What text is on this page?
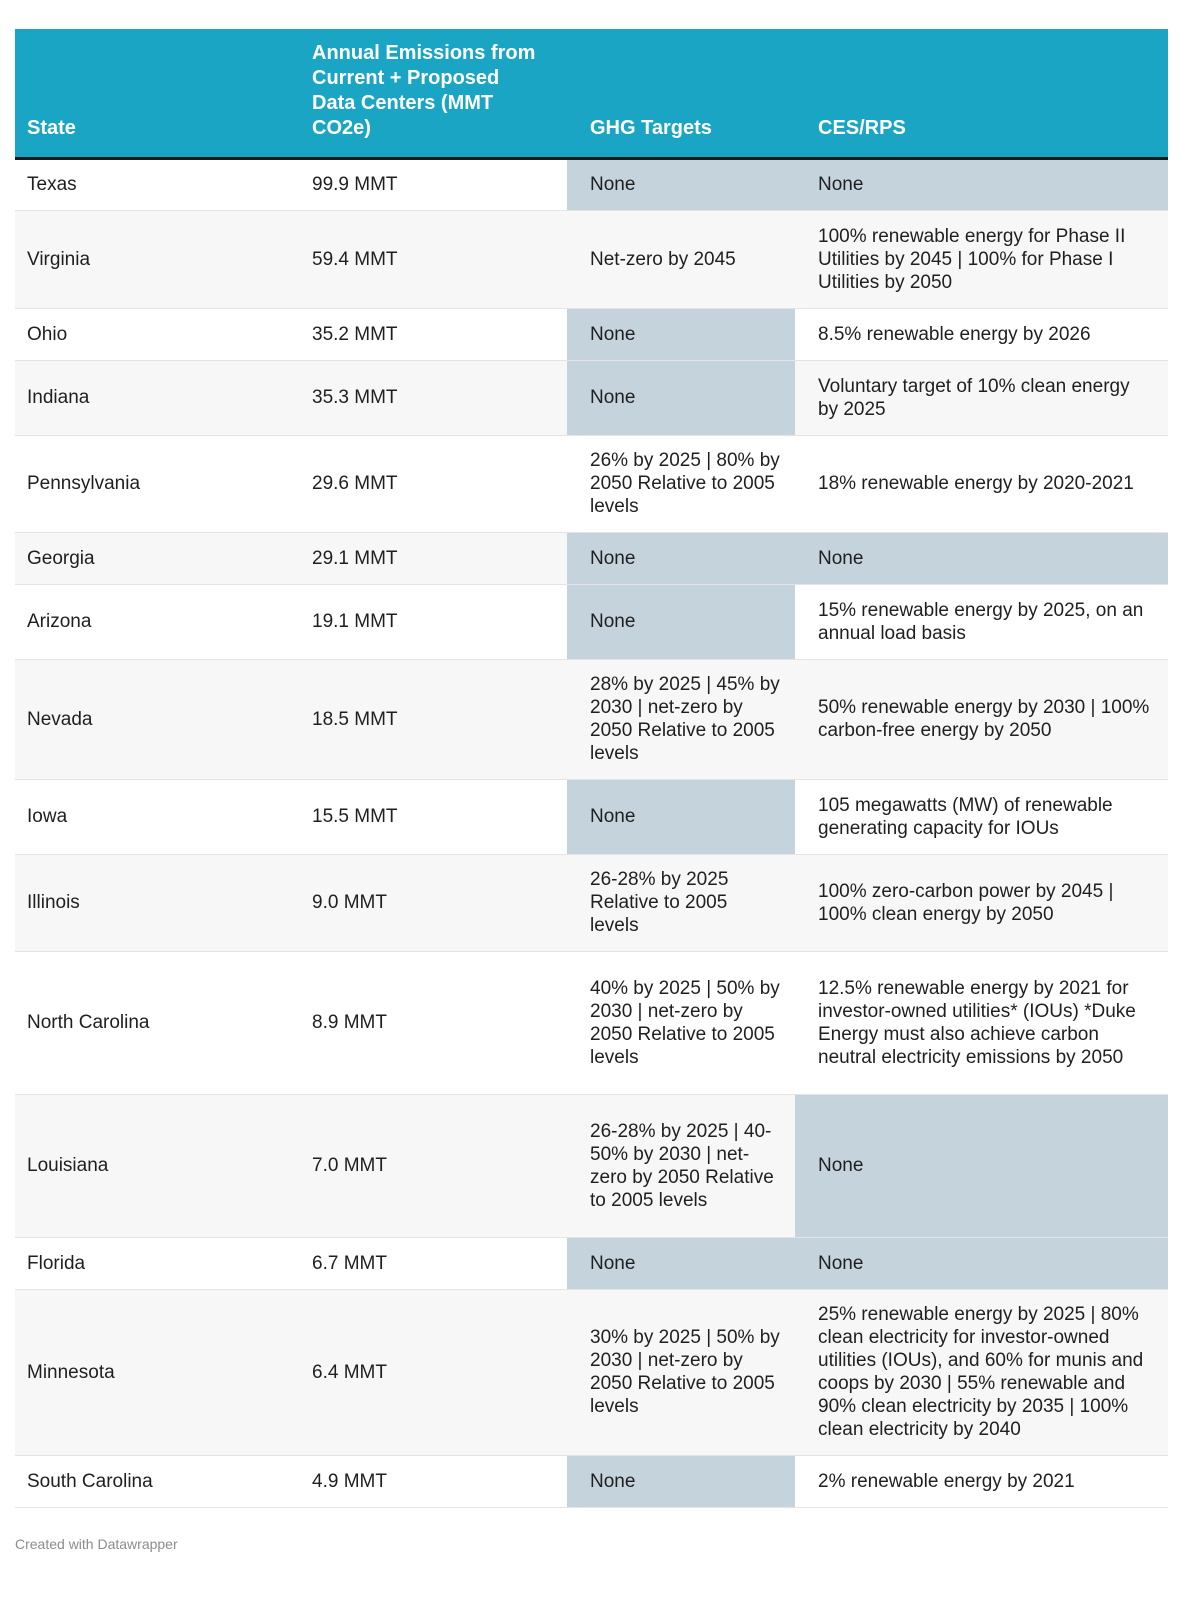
State	Annual Emissions from Current + Proposed Data Centers (MMT CO2e)	GHG Targets	CES/RPS
Texas	99.9 MMT	None	None
Virginia	59.4 MMT	Net-zero by 2045	100% renewable energy for Phase II Utilities by 2045 | 100% for Phase I Utilities by 2050
Ohio	35.2 MMT	None	8.5% renewable energy by 2026
Indiana	35.3 MMT	None	Voluntary target of 10% clean energy by 2025
Pennsylvania	29.6 MMT	26% by 2025 | 80% by 2050 Relative to 2005 levels	18% renewable energy by 2020-2021
Georgia	29.1 MMT	None	None
Arizona	19.1 MMT	None	15% renewable energy by 2025, on an annual load basis
Nevada	18.5 MMT	28% by 2025 | 45% by 2030 | net-zero by 2050 Relative to 2005 levels	50% renewable energy by 2030 | 100% carbon-free energy by 2050
Iowa	15.5 MMT	None	105 megawatts (MW) of renewable generating capacity for IOUs
Illinois	9.0 MMT	26-28% by 2025 Relative to 2005 levels	100% zero-carbon power by 2045 | 100% clean energy by 2050
North Carolina	8.9 MMT	40% by 2025 | 50% by 2030 | net-zero by 2050 Relative to 2005 levels	12.5% renewable energy by 2021 for investor-owned utilities* (IOUs) *Duke Energy must also achieve carbon neutral electricity emissions by 2050
Louisiana	7.0 MMT	26-28% by 2025 | 40-50% by 2030 | net-zero by 2050 Relative to 2005 levels	None
Florida	6.7 MMT	None	None
Minnesota	6.4 MMT	30% by 2025 | 50% by 2030 | net-zero by 2050 Relative to 2005 levels	25% renewable energy by 2025 | 80% clean electricity for investor-owned utilities (IOUs), and 60% for munis and coops by 2030 | 55% renewable and 90% clean electricity by 2035 | 100% clean electricity by 2040
South Carolina	4.9 MMT	None	2% renewable energy by 2021
Created with Datawrapper
